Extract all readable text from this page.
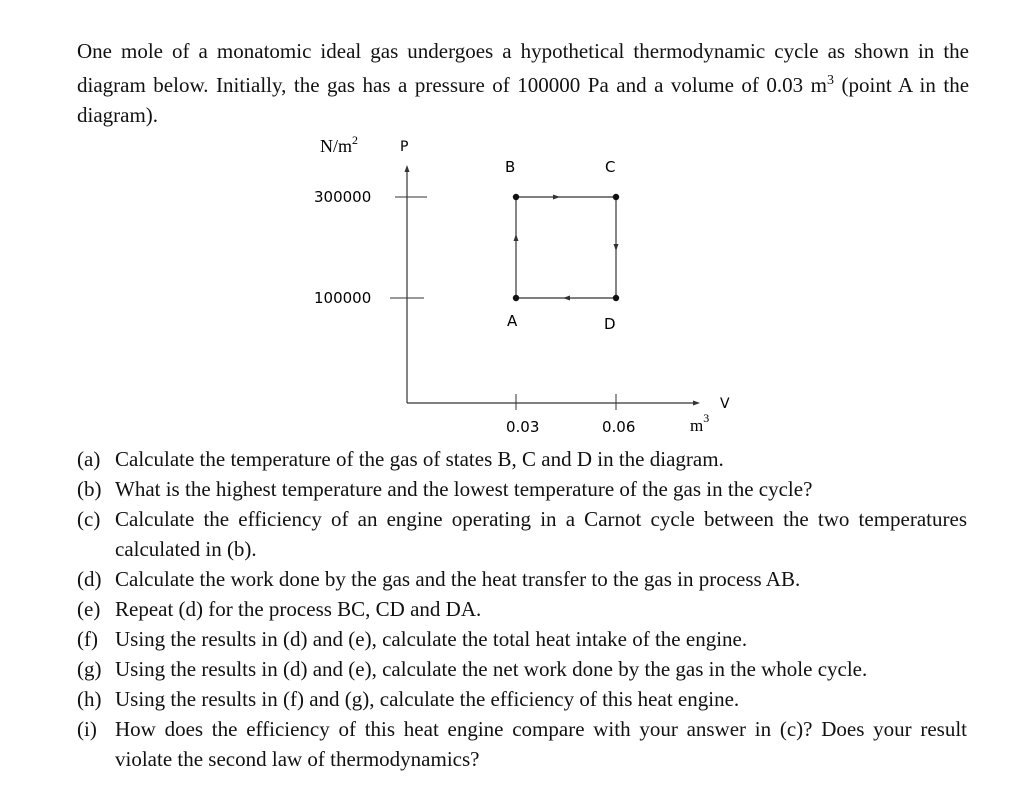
One mole of a monatomic ideal gas undergoes a hypothetical thermodynamic cycle as shown in the diagram below. Initially, the gas has a pressure of 100000 Pa and a volume of 0.03 $m^3$ (point A in the diagram).
$N/m^2$	P
300000
100000
0.03	0.06
V
$m^3$
B	C
A	D
(a) Calculate the temperature of the gas of states B, C and D in the diagram.
(b) What is the highest temperature and the lowest temperature of the gas in the cycle?
(c) Calculate the efficiency of an engine operating in a Carnot cycle between the two temperatures calculated in (b).
(d) Calculate the work done by the gas and the heat transfer to the gas in process AB.
(e) Repeat (d) for the process BC, CD and DA.
(f) Using the results in (d) and (e), calculate the total heat intake of the engine.
(g) Using the results in (d) and (e), calculate the net work done by the gas in the whole cycle.
(h) Using the results in (f) and (g), calculate the efficiency of this heat engine.
(i) How does the efficiency of this heat engine compare with your answer in (c)? Does your result violate the second law of thermodynamics?
